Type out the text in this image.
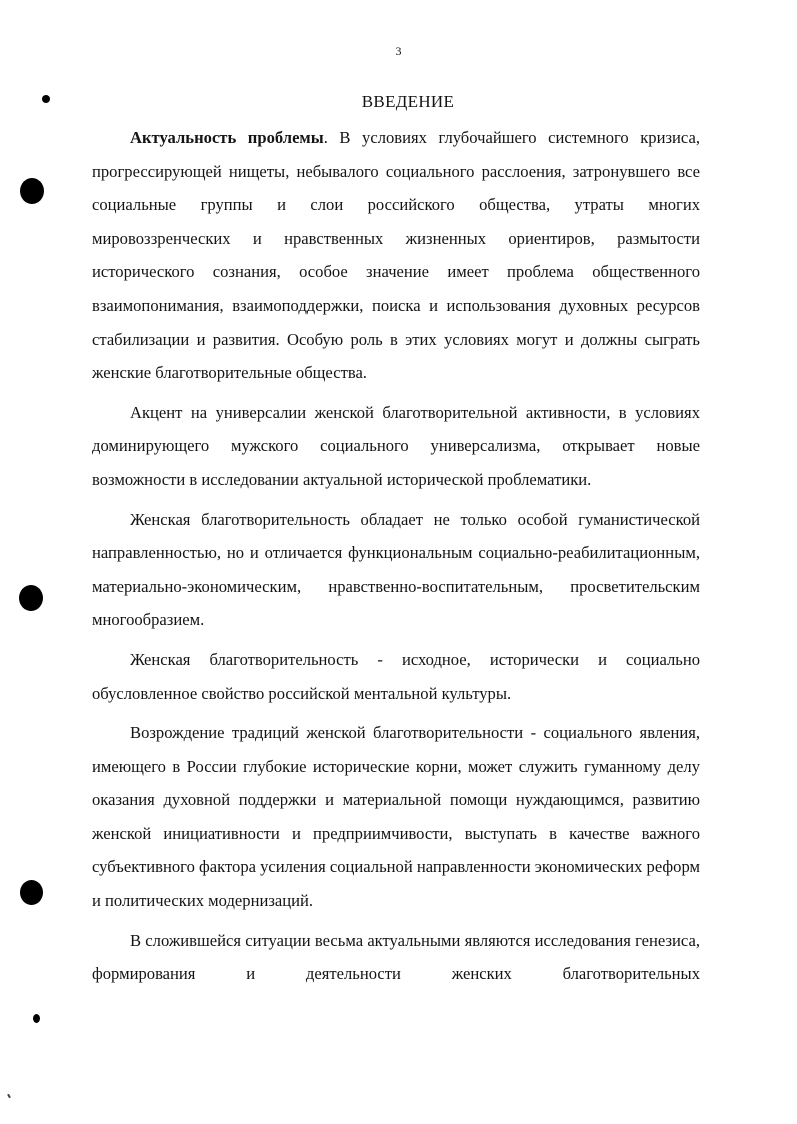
3
ВВЕДЕНИЕ

Актуальность проблемы. В условиях глубочайшего системного кризиса, прогрессирующей нищеты, небывалого социального расслоения, затронувшего все социальные группы и слои российского общества, утраты многих мировоззренческих и нравственных жизненных ориентиров, размытости исторического сознания, особое значение имеет проблема общественного взаимопонимания, взаимоподдержки, поиска и использования духовных ресурсов стабилизации и развития. Особую роль в этих условиях могут и должны сыграть женские благотворительные общества.

Акцент на универсалии женской благотворительной активности, в условиях доминирующего мужского социального универсализма, открывает новые возможности в исследовании актуальной исторической проблематики.

Женская благотворительность обладает не только особой гуманистической направленностью, но и отличается функциональным социально-реабилитационным, материально-экономическим, нравственно-воспитательным, просветительским многообразием.

Женская благотворительность - исходное, исторически и социально обусловленное свойство российской ментальной культуры.

Возрождение традиций женской благотворительности - социального явления, имеющего в России глубокие исторические корни, может служить гуманному делу оказания духовной поддержки и материальной помощи нуждающимся, развитию женской инициативности и предприимчивости, выступать в качестве важного субъективного фактора усиления социальной направленности экономических реформ и политических модернизаций.

В сложившейся ситуации весьма актуальными являются исследования генезиса, формирования и деятельности женских благотворительных
